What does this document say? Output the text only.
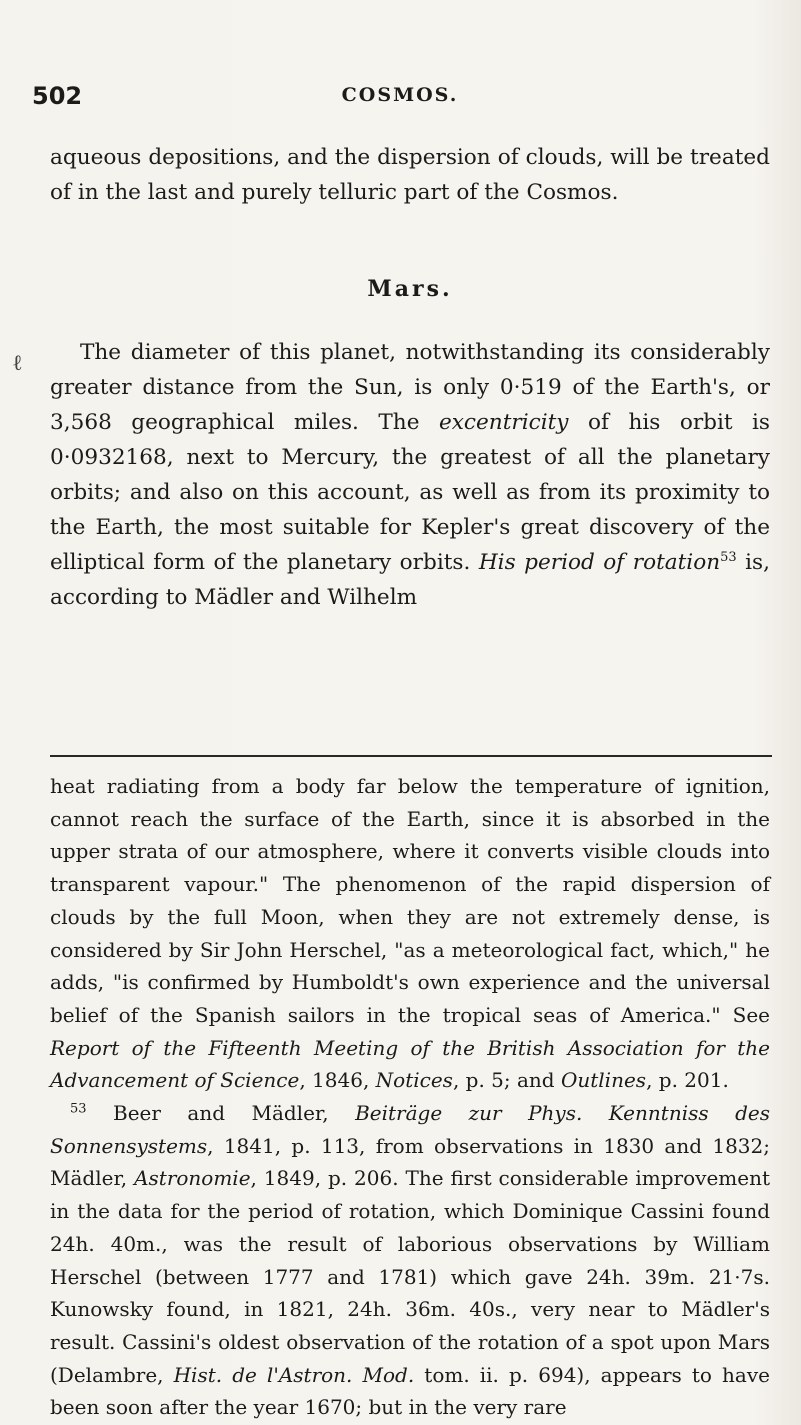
502	COSMOS.

aqueous depositions, and the dispersion of clouds, will be treated of in the last and purely telluric part of the Cosmos.

Mars.
ℓ	The diameter of this planet, notwithstanding its considerably greater distance from the Sun, is only 0·519 of the Earth's, or 3,568 geographical miles. The excentricity of his orbit is 0·0932168, next to Mercury, the greatest of all the planetary orbits; and also on this account, as well as from its proximity to the Earth, the most suitable for Kepler's great discovery of the elliptical form of the planetary orbits. His period of rotation$^{53}$ is, according to Mädler and Wilhelm

heat radiating from a body far below the temperature of ignition, cannot reach the surface of the Earth, since it is absorbed in the upper strata of our atmosphere, where it converts visible clouds into transparent vapour." The phenomenon of the rapid dispersion of clouds by the full Moon, when they are not extremely dense, is considered by Sir John Herschel, "as a meteorological fact, which," he adds, "is confirmed by Humboldt's own experience and the universal belief of the Spanish sailors in the tropical seas of America." See Report of the Fifteenth Meeting of the British Association for the Advancement of Science, 1846, Notices, p. 5; and Outlines, p. 201.

$^{53}$ Beer and Mädler, Beiträge zur Phys. Kenntniss des Sonnensystems, 1841, p. 113, from observations in 1830 and 1832; Mädler, Astronomie, 1849, p. 206. The first considerable improvement in the data for the period of rotation, which Dominique Cassini found 24h. 40m., was the result of laborious observations by William Herschel (between 1777 and 1781) which gave 24h. 39m. 21·7s. Kunowsky found, in 1821, 24h. 36m. 40s., very near to Mädler's result. Cassini's oldest observation of the rotation of a spot upon Mars (Delambre, Hist. de l'Astron. Mod. tom. ii. p. 694), appears to have been soon after the year 1670; but in the very rare
